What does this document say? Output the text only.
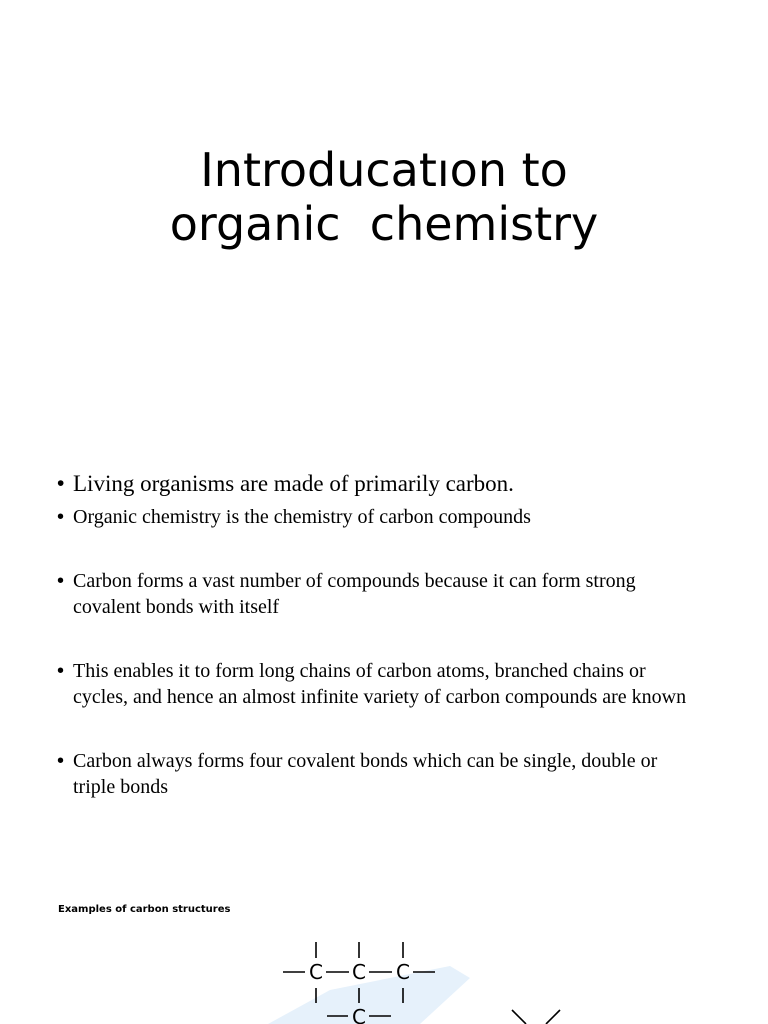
Introducatıon to
organic  chemistry
• Living organisms are made of primarily carbon.
• Organic chemistry is the chemistry of carbon compounds
• Carbon forms a vast number of compounds because it can form strong covalent bonds with itself
• This enables it to form long chains of carbon atoms, branched chains or cycles, and hence an almost infinite variety of carbon compounds are known
• Carbon always forms four covalent bonds which can be single, double or triple bonds
Examples of carbon structures
C C C
C
